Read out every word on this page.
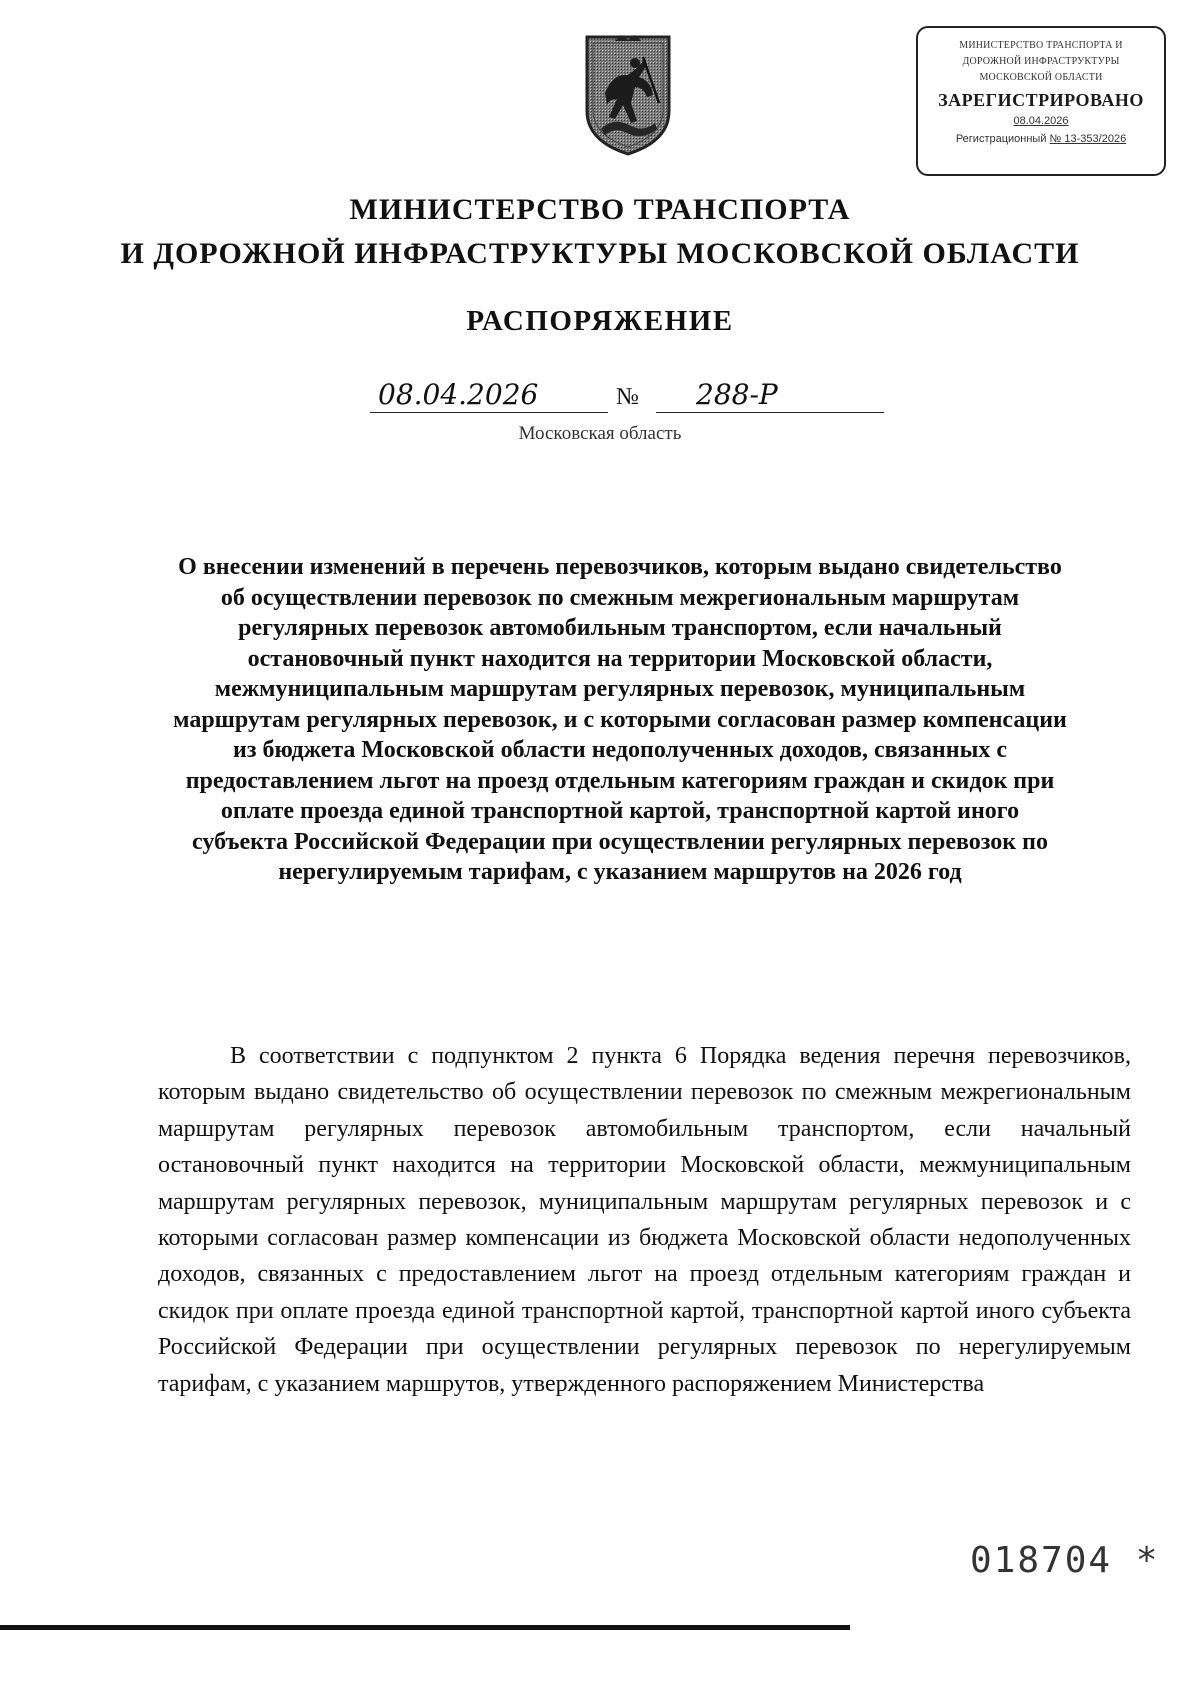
МИНИСТЕРСТВО ТРАНСПОРТА И ДОРОЖНОЙ ИНФРАСТРУКТУРЫ МОСКОВСКОЙ ОБЛАСТИ
ЗАРЕГИСТРИРОВАНО
08.04.2026
Регистрационный № 13-353/2026
МИНИСТЕРСТВО ТРАНСПОРТА
И ДОРОЖНОЙ ИНФРАСТРУКТУРЫ МОСКОВСКОЙ ОБЛАСТИ
РАСПОРЯЖЕНИЕ
08.04.2026	№	288-Р
Московская область
О внесении изменений в перечень перевозчиков, которым выдано свидетельство об осуществлении перевозок по смежным межрегиональным маршрутам регулярных перевозок автомобильным транспортом, если начальный остановочный пункт находится на территории Московской области, межмуниципальным маршрутам регулярных перевозок, муниципальным маршрутам регулярных перевозок, и с которыми согласован размер компенсации из бюджета Московской области недополученных доходов, связанных с предоставлением льгот на проезд отдельным категориям граждан и скидок при оплате проезда единой транспортной картой, транспортной картой иного субъекта Российской Федерации при осуществлении регулярных перевозок по нерегулируемым тарифам, с указанием маршрутов на 2026 год
В соответствии с подпунктом 2 пункта 6 Порядка ведения перечня перевозчиков, которым выдано свидетельство об осуществлении перевозок по смежным межрегиональным маршрутам регулярных перевозок автомобильным транспортом, если начальный остановочный пункт находится на территории Московской области, межмуниципальным маршрутам регулярных перевозок, муниципальным маршрутам регулярных перевозок и с которыми согласован размер компенсации из бюджета Московской области недополученных доходов, связанных с предоставлением льгот на проезд отдельным категориям граждан и скидок при оплате проезда единой транспортной картой, транспортной картой иного субъекта Российской Федерации при осуществлении регулярных перевозок по нерегулируемым тарифам, с указанием маршрутов, утвержденного распоряжением Министерства
018704 *
